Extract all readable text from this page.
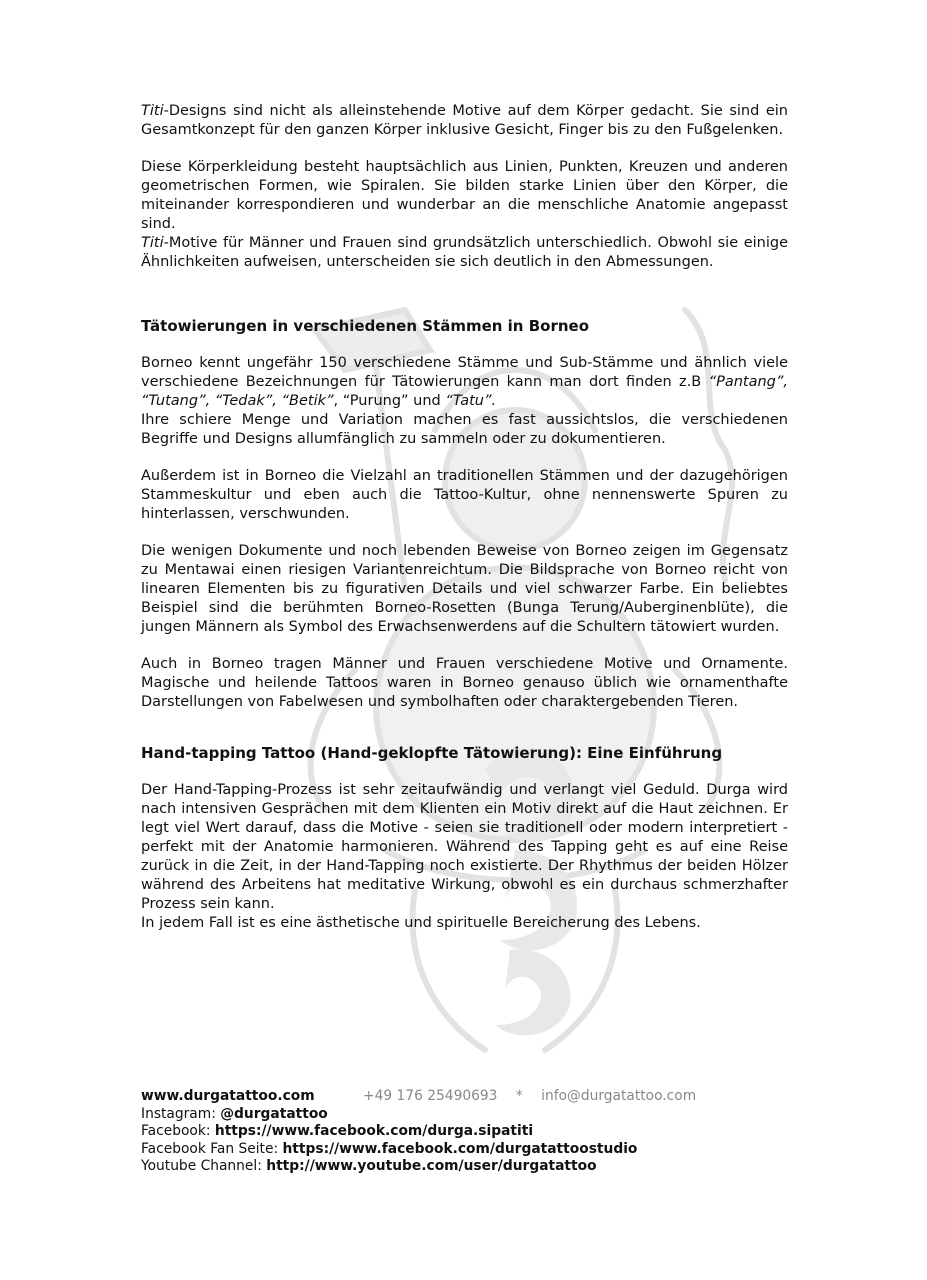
Titi-Designs sind nicht als alleinstehende Motive auf dem Körper gedacht. Sie sind ein Gesamtkonzept für den ganzen Körper inklusive Gesicht, Finger bis zu den Fußgelenken.

Diese Körperkleidung besteht hauptsächlich aus Linien, Punkten, Kreuzen und anderen geometrischen Formen, wie Spiralen. Sie bilden starke Linien über den Körper, die miteinander korrespondieren und wunderbar an die menschliche Anatomie angepasst sind.

Titi-Motive für Männer und Frauen sind grundsätzlich unterschiedlich. Obwohl sie einige Ähnlichkeiten aufweisen, unterscheiden sie sich deutlich in den Abmessungen.

Tätowierungen in verschiedenen Stämmen in Borneo

Borneo kennt ungefähr 150 verschiedene Stämme und Sub-Stämme und ähnlich viele verschiedene Bezeichnungen für Tätowierungen kann man dort finden z.B “Pantang”, “Tutang”, “Tedak”, “Betik”, “Purung” und “Tatu”.

Ihre schiere Menge und Variation machen es fast aussichtslos, die verschiedenen Begriffe und Designs allumfänglich zu sammeln oder zu dokumentieren.

Außerdem ist in Borneo die Vielzahl an traditionellen Stämmen und der dazugehörigen Stammeskultur und eben auch die Tattoo-Kultur, ohne nennenswerte Spuren zu hinterlassen, verschwunden.

Die wenigen Dokumente und noch lebenden Beweise von Borneo zeigen im Gegensatz zu Mentawai einen riesigen Variantenreichtum. Die Bildsprache von Borneo reicht von linearen Elementen bis zu figurativen Details und viel schwarzer Farbe. Ein beliebtes Beispiel sind die berühmten Borneo-Rosetten (Bunga Terung/Auberginenblüte), die jungen Männern als Symbol des Erwachsenwerdens auf die Schultern tätowiert wurden.

Auch in Borneo tragen Männer und Frauen verschiedene Motive und Ornamente. Magische und heilende Tattoos waren in Borneo genauso üblich wie ornamenthafte Darstellungen von Fabelwesen und symbolhaften oder charaktergebenden Tieren.

Hand-tapping Tattoo (Hand-geklopfte Tätowierung): Eine Einführung

Der Hand-Tapping-Prozess ist sehr zeitaufwändig und verlangt viel Geduld. Durga wird nach intensiven Gesprächen mit dem Klienten ein Motiv direkt auf die Haut zeichnen. Er legt viel Wert darauf, dass die Motive - seien sie traditionell oder modern interpretiert - perfekt mit der Anatomie harmonieren. Während des Tapping geht es auf eine Reise zurück in die Zeit, in der Hand-Tapping noch existierte. Der Rhythmus der beiden Hölzer während des Arbeitens hat meditative Wirkung, obwohl es ein durchaus schmerzhafter Prozess sein kann.

In jedem Fall ist es eine ästhetische und spirituelle Bereicherung des Lebens.

www.durgatattoo.com	+49 176 25490693 * info@durgatattoo.com
Instagram: @durgatattoo
Facebook: https://www.facebook.com/durga.sipatiti
Facebook Fan Seite: https://www.facebook.com/durgatattoostudio
Youtube Channel: http://www.youtube.com/user/durgatattoo
